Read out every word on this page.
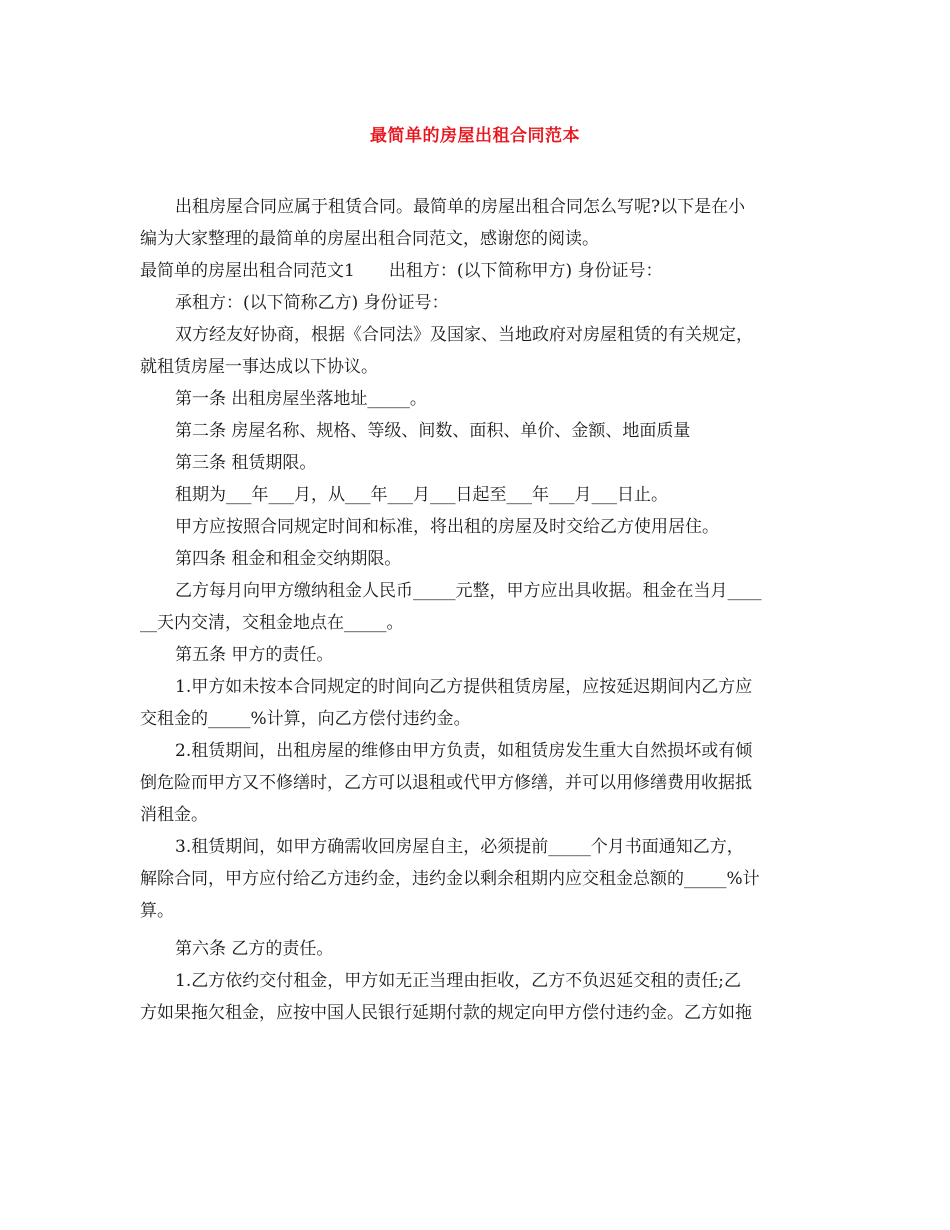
最简单的房屋出租合同范本
出租房屋合同应属于租赁合同。最简单的房屋出租合同怎么写呢?以下是在小
编为大家整理的最简单的房屋出租合同范文，感谢您的阅读。
最简单的房屋出租合同范文1　　出租方：(以下简称甲方) 身份证号：
承租方：(以下简称乙方) 身份证号：
双方经友好协商，根据《合同法》及国家、当地政府对房屋租赁的有关规定，
就租赁房屋一事达成以下协议。
第一条 出租房屋坐落地址_____。
第二条 房屋名称、规格、等级、间数、面积、单价、金额、地面质量
第三条 租赁期限。
租期为___年___月，从___年___月___日起至___年___月___日止。
甲方应按照合同规定时间和标准，将出租的房屋及时交给乙方使用居住。
第四条 租金和租金交纳期限。
乙方每月向甲方缴纳租金人民币_____元整，甲方应出具收据。租金在当月____
__天内交清，交租金地点在_____。
第五条 甲方的责任。
1.甲方如未按本合同规定的时间向乙方提供租赁房屋，应按延迟期间内乙方应
交租金的_____%计算，向乙方偿付违约金。
2.租赁期间，出租房屋的维修由甲方负责，如租赁房发生重大自然损坏或有倾
倒危险而甲方又不修缮时，乙方可以退租或代甲方修缮，并可以用修缮费用收据抵
消租金。
3.租赁期间，如甲方确需收回房屋自主，必须提前_____个月书面通知乙方，
解除合同，甲方应付给乙方违约金，违约金以剩余租期内应交租金总额的_____%计
算。
第六条 乙方的责任。
1.乙方依约交付租金，甲方如无正当理由拒收，乙方不负迟延交租的责任;乙
方如果拖欠租金，应按中国人民银行延期付款的规定向甲方偿付违约金。乙方如拖
